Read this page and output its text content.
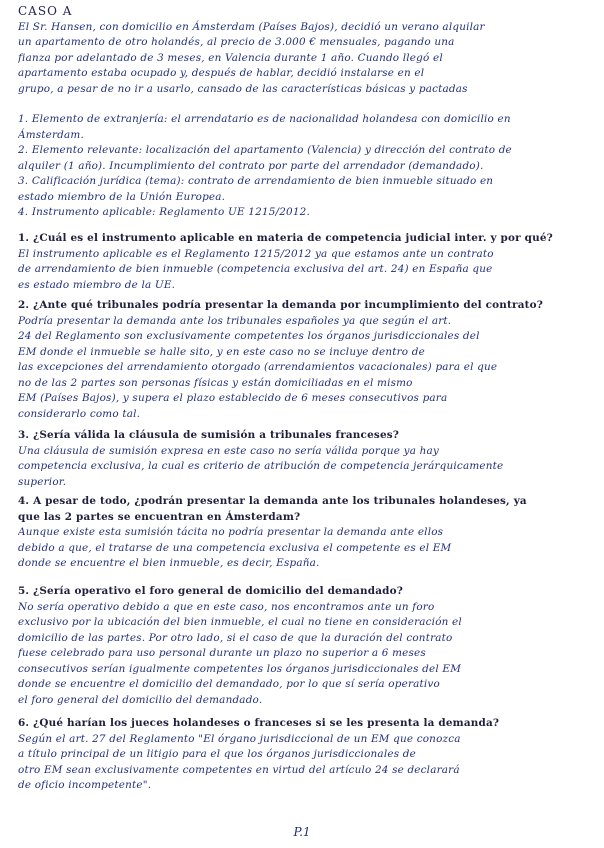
CASO A
El Sr. Hansen, con domicilio en Ámsterdam (Países Bajos), decidió un verano alquilar
un apartamento de otro holandés, al precio de 3.000 € mensuales, pagando una
fianza por adelantado de 3 meses, en Valencia durante 1 año. Cuando llegó el
apartamento estaba ocupado y, después de hablar, decidió instalarse en el
grupo, a pesar de no ir a usarlo, cansado de las características básicas y pactadas
1. Elemento de extranjería: el arrendatario es de nacionalidad holandesa con domicilio en
Ámsterdam.
2. Elemento relevante: localización del apartamento (Valencia) y dirección del contrato de
alquiler (1 año). Incumplimiento del contrato por parte del arrendador (demandado).
3. Calificación jurídica (tema): contrato de arrendamiento de bien inmueble situado en
estado miembro de la Unión Europea.
4. Instrumento aplicable: Reglamento UE 1215/2012.
1. ¿Cuál es el instrumento aplicable en materia de competencia judicial inter. y por qué?
El instrumento aplicable es el Reglamento 1215/2012 ya que estamos ante un contrato
de arrendamiento de bien inmueble (competencia exclusiva del art. 24) en España que
es estado miembro de la UE.
2. ¿Ante qué tribunales podría presentar la demanda por incumplimiento del contrato?
Podría presentar la demanda ante los tribunales españoles ya que según el art.
24 del Reglamento son exclusivamente competentes los órganos jurisdiccionales del
EM donde el inmueble se halle sito, y en este caso no se incluye dentro de
las excepciones del arrendamiento otorgado (arrendamientos vacacionales) para el que
no de las 2 partes son personas físicas y están domiciliadas en el mismo
EM (Países Bajos), y supera el plazo establecido de 6 meses consecutivos para
considerarlo como tal.
3. ¿Sería válida la cláusula de sumisión a tribunales franceses?
Una cláusula de sumisión expresa en este caso no sería válida porque ya hay
competencia exclusiva, la cual es criterio de atribución de competencia jerárquicamente
superior.
4. A pesar de todo, ¿podrán presentar la demanda ante los tribunales holandeses, ya
que las 2 partes se encuentran en Ámsterdam?
Aunque existe esta sumisión tácita no podría presentar la demanda ante ellos
debido a que, el tratarse de una competencia exclusiva el competente es el EM
donde se encuentre el bien inmueble, es decir, España.
5. ¿Sería operativo el foro general de domicilio del demandado?
No sería operativo debido a que en este caso, nos encontramos ante un foro
exclusivo por la ubicación del bien inmueble, el cual no tiene en consideración el
domicilio de las partes. Por otro lado, si el caso de que la duración del contrato
fuese celebrado para uso personal durante un plazo no superior a 6 meses
consecutivos serían igualmente competentes los órganos jurisdiccionales del EM
donde se encuentre el domicilio del demandado, por lo que sí sería operativo
el foro general del domicilio del demandado.
6. ¿Qué harían los jueces holandeses o franceses si se les presenta la demanda?
Según el art. 27 del Reglamento "El órgano jurisdiccional de un EM que conozca
a título principal de un litigio para el que los órganos jurisdiccionales de
otro EM sean exclusivamente competentes en virtud del artículo 24 se declarará
de oficio incompetente".
P.1
